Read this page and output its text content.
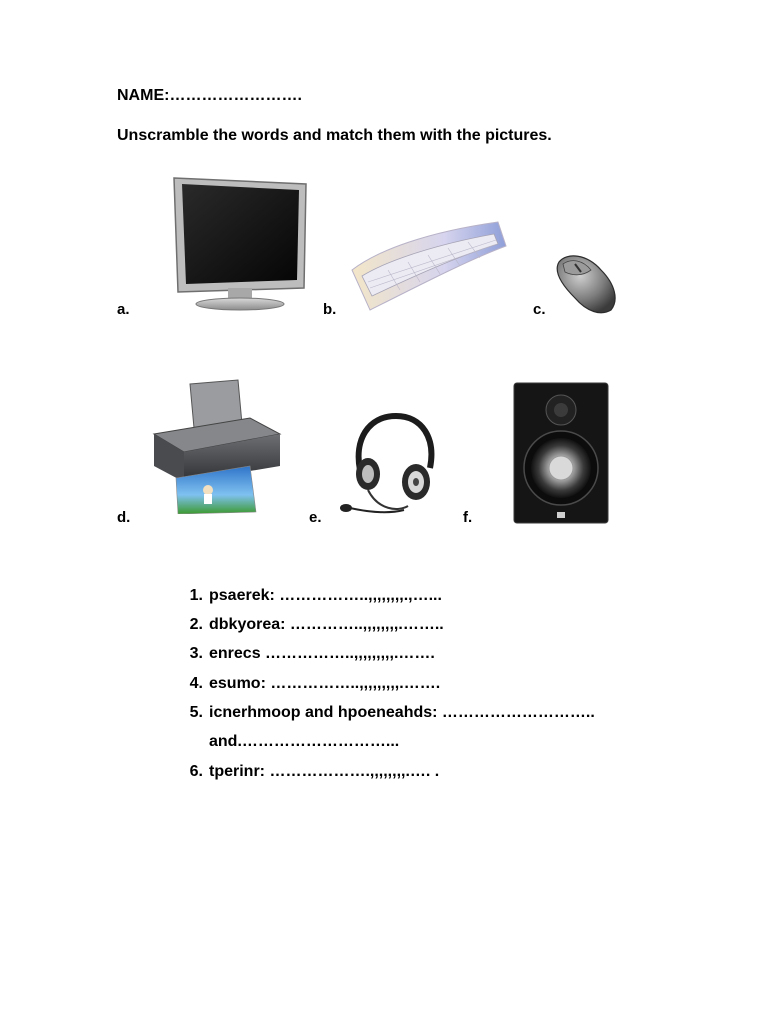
NAME:…………………….
Unscramble the words and match them with the pictures.
a.	b.	c.
d.	e.	f.
1. psaerek: ……………..,,,,,,,,.,…...
2. dbkyorea: …………..,,,,,,,,.……..
3. enrecs ……………..,,,,,,,,,.…….
4. esumo: ……………..,,,,,,,,,.…….
5. icnerhmoop and hpoeneahds: ………………………..
and.………………………...
6. tperinr: ……………….,,,,,,,,.…. .
